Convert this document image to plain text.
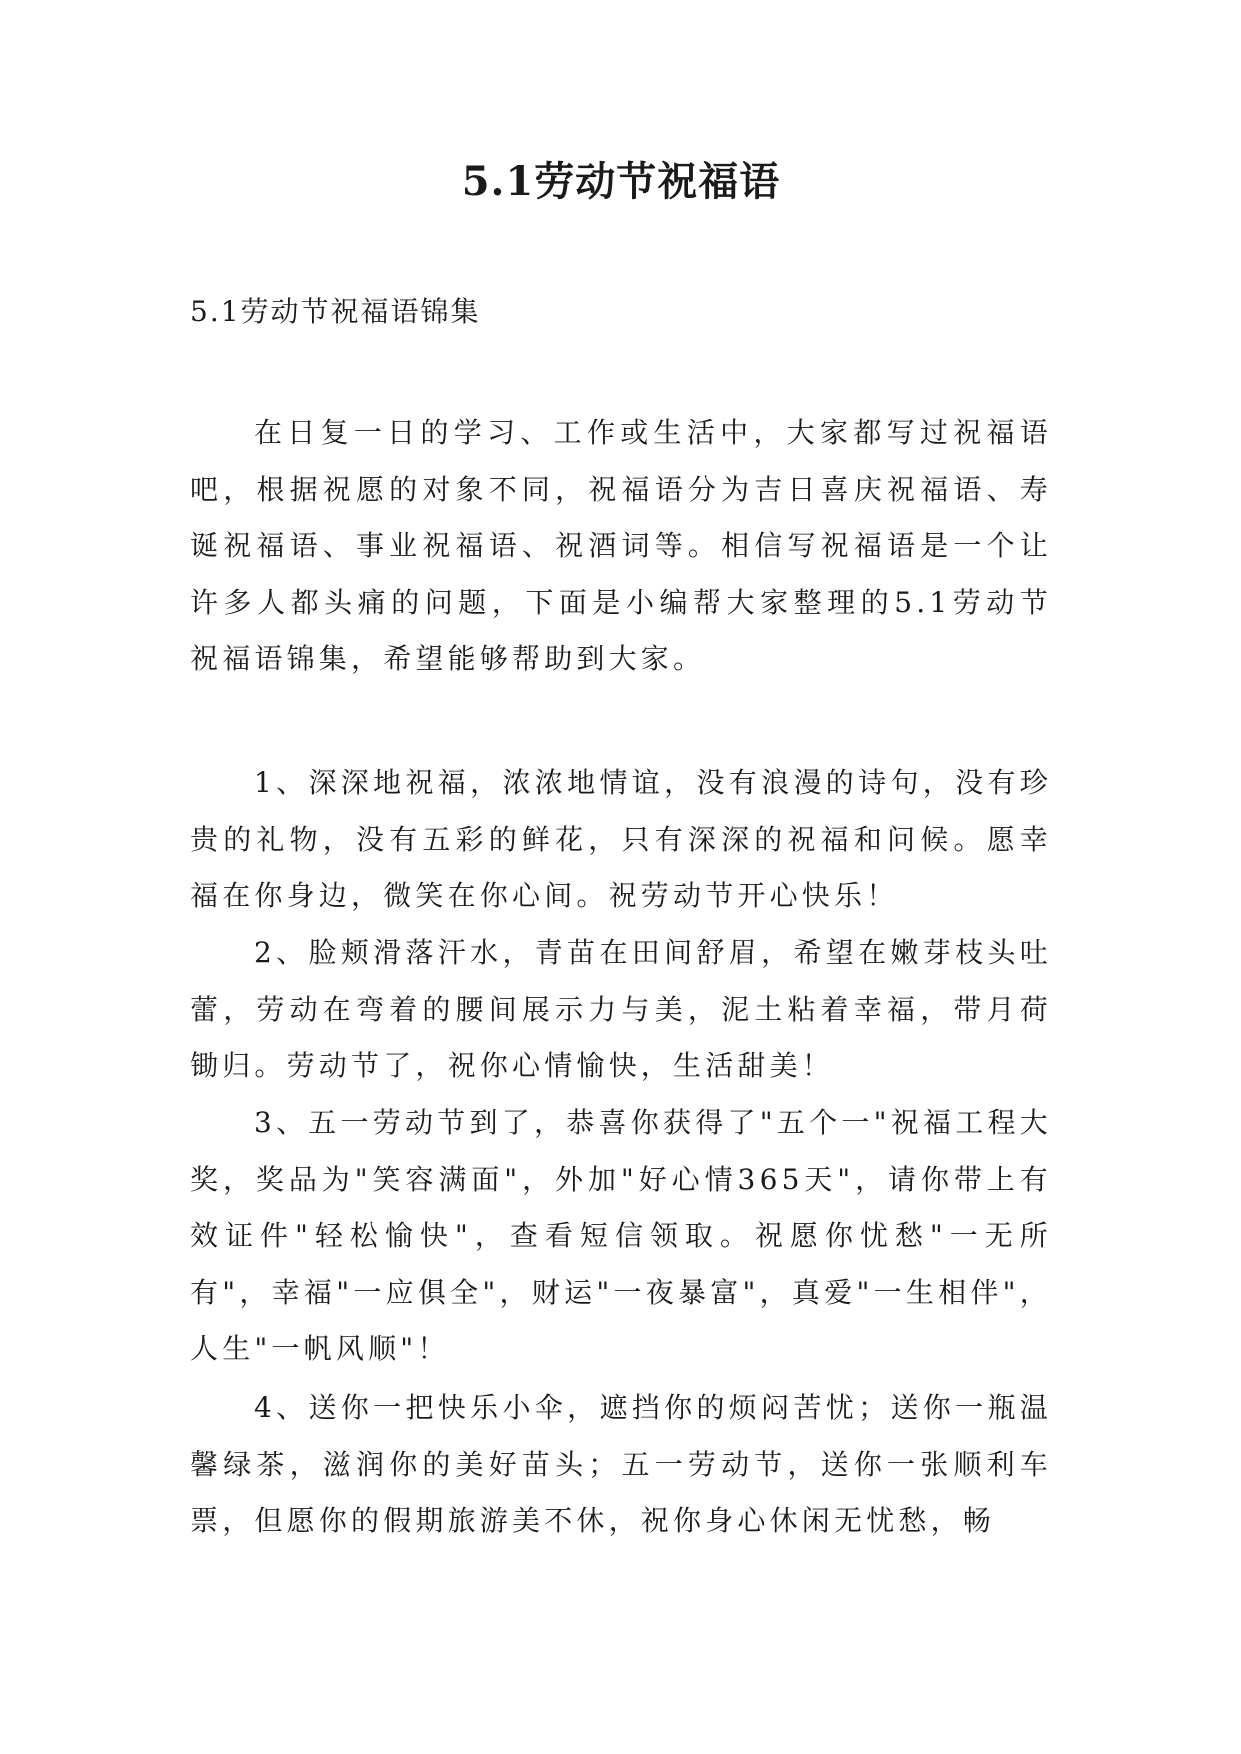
5.1劳动节祝福语
5.1劳动节祝福语锦集

在日复一日的学习、工作或生活中，大家都写过祝福语吧，根据祝愿的对象不同，祝福语分为吉日喜庆祝福语、寿诞祝福语、事业祝福语、祝酒词等。相信写祝福语是一个让许多人都头痛的问题，下面是小编帮大家整理的5.1劳动节祝福语锦集，希望能够帮助到大家。

1、深深地祝福，浓浓地情谊，没有浪漫的诗句，没有珍贵的礼物，没有五彩的鲜花，只有深深的祝福和问候。愿幸福在你身边，微笑在你心间。祝劳动节开心快乐！

2、脸颊滑落汗水，青苗在田间舒眉，希望在嫩芽枝头吐蕾，劳动在弯着的腰间展示力与美，泥土粘着幸福，带月荷锄归。劳动节了，祝你心情愉快，生活甜美！

3、五一劳动节到了，恭喜你获得了"五个一"祝福工程大奖，奖品为"笑容满面"，外加"好心情365天"，请你带上有效证件"轻松愉快"，查看短信领取。祝愿你忧愁"一无所有"，幸福"一应俱全"，财运"一夜暴富"，真爱"一生相伴"，人生"一帆风顺"！

4、送你一把快乐小伞，遮挡你的烦闷苦忧；送你一瓶温馨绿茶，滋润你的美好苗头；五一劳动节，送你一张顺利车票，但愿你的假期旅游美不休，祝你身心休闲无忧愁，畅
